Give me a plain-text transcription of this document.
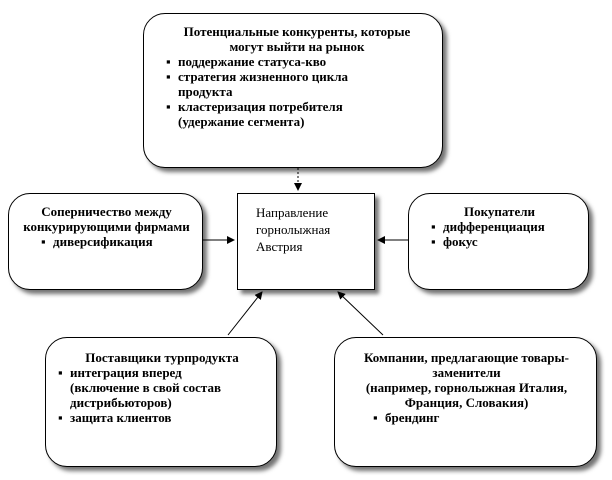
Потенциальные конкуренты, которые могут выйти на рынок

▪ поддержание статуса-кво

▪ стратегия жизненного цикла

продукта

▪ кластеризация потребителя

(удержание сегмента)

Соперничество между конкурирующими фирмами

▪ диверсификация

Направление горнолыжная Австрия

Покупатели

▪ дифференциация

▪ фокус

Поставщики турпродукта

▪ интеграция вперед

(включение в свой состав дистрибьюторов)

▪ защита клиентов

Компании, предлагающие товары-заменители

(например, горнолыжная Италия, Франция, Словакия)

▪ брендинг
